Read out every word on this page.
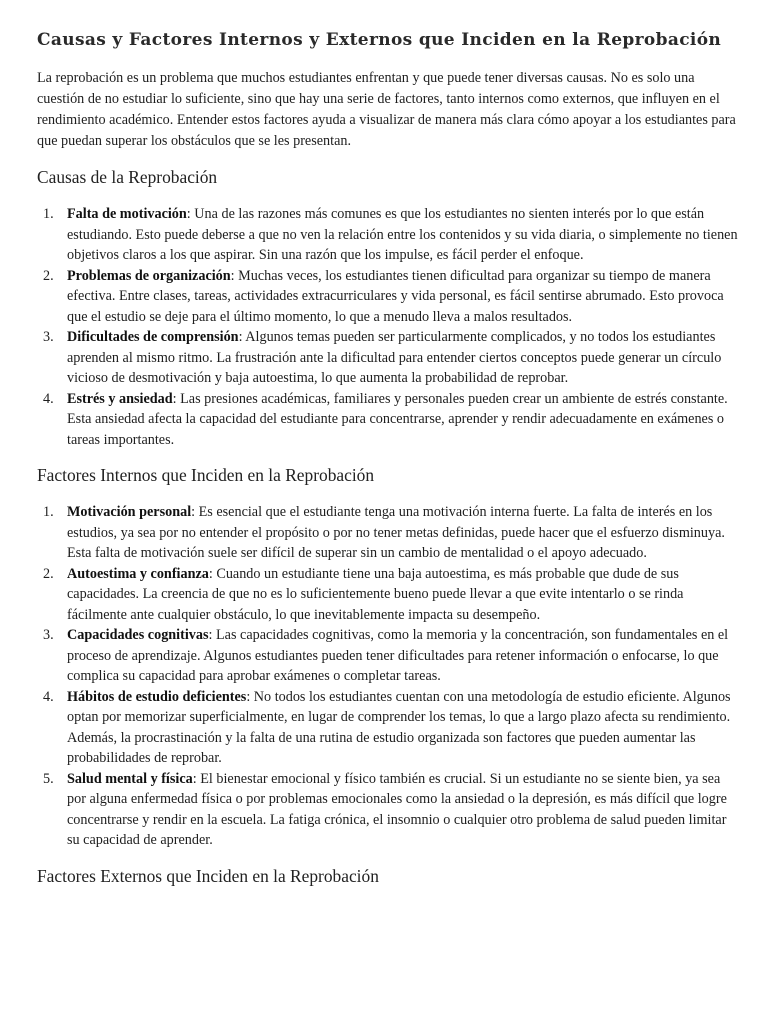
Causas y Factores Internos y Externos que Inciden en la Reprobación

La reprobación es un problema que muchos estudiantes enfrentan y que puede tener diversas causas. No es solo una cuestión de no estudiar lo suficiente, sino que hay una serie de factores, tanto internos como externos, que influyen en el rendimiento académico. Entender estos factores ayuda a visualizar de manera más clara cómo apoyar a los estudiantes para que puedan superar los obstáculos que se les presentan.

Causas de la Reprobación
Falta de motivación: Una de las razones más comunes es que los estudiantes no sienten interés por lo que están estudiando. Esto puede deberse a que no ven la relación entre los contenidos y su vida diaria, o simplemente no tienen objetivos claros a los que aspirar. Sin una razón que los impulse, es fácil perder el enfoque.
Problemas de organización: Muchas veces, los estudiantes tienen dificultad para organizar su tiempo de manera efectiva. Entre clases, tareas, actividades extracurriculares y vida personal, es fácil sentirse abrumado. Esto provoca que el estudio se deje para el último momento, lo que a menudo lleva a malos resultados.
Dificultades de comprensión: Algunos temas pueden ser particularmente complicados, y no todos los estudiantes aprenden al mismo ritmo. La frustración ante la dificultad para entender ciertos conceptos puede generar un círculo vicioso de desmotivación y baja autoestima, lo que aumenta la probabilidad de reprobar.
Estrés y ansiedad: Las presiones académicas, familiares y personales pueden crear un ambiente de estrés constante. Esta ansiedad afecta la capacidad del estudiante para concentrarse, aprender y rendir adecuadamente en exámenes o tareas importantes.
Factores Internos que Inciden en la Reprobación
Motivación personal: Es esencial que el estudiante tenga una motivación interna fuerte. La falta de interés en los estudios, ya sea por no entender el propósito o por no tener metas definidas, puede hacer que el esfuerzo disminuya. Esta falta de motivación suele ser difícil de superar sin un cambio de mentalidad o el apoyo adecuado.
Autoestima y confianza: Cuando un estudiante tiene una baja autoestima, es más probable que dude de sus capacidades. La creencia de que no es lo suficientemente bueno puede llevar a que evite intentarlo o se rinda fácilmente ante cualquier obstáculo, lo que inevitablemente impacta su desempeño.
Capacidades cognitivas: Las capacidades cognitivas, como la memoria y la concentración, son fundamentales en el proceso de aprendizaje. Algunos estudiantes pueden tener dificultades para retener información o enfocarse, lo que complica su capacidad para aprobar exámenes o completar tareas.
Hábitos de estudio deficientes: No todos los estudiantes cuentan con una metodología de estudio eficiente. Algunos optan por memorizar superficialmente, en lugar de comprender los temas, lo que a largo plazo afecta su rendimiento. Además, la procrastinación y la falta de una rutina de estudio organizada son factores que pueden aumentar las probabilidades de reprobar.
Salud mental y física: El bienestar emocional y físico también es crucial. Si un estudiante no se siente bien, ya sea por alguna enfermedad física o por problemas emocionales como la ansiedad o la depresión, es más difícil que logre concentrarse y rendir en la escuela. La fatiga crónica, el insomnio o cualquier otro problema de salud pueden limitar su capacidad de aprender.
Factores Externos que Inciden en la Reprobación
